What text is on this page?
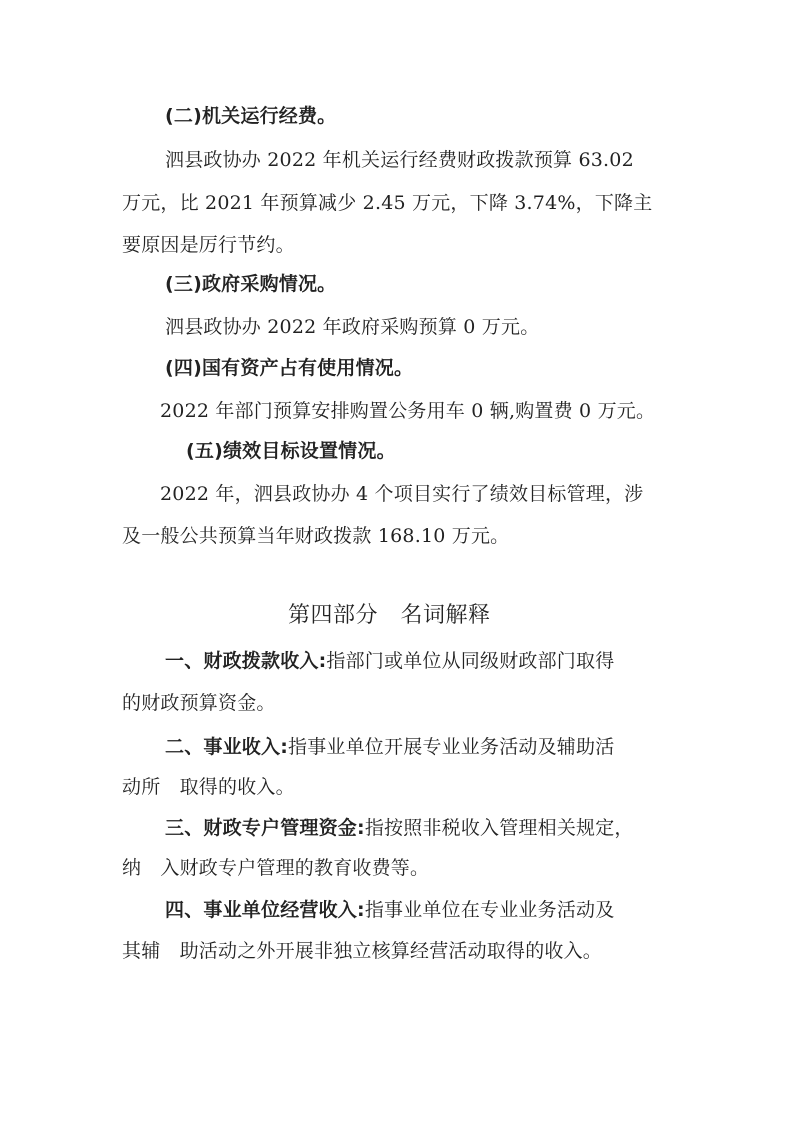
(二)机关运行经费。
泗县政协办 2022 年机关运行经费财政拨款预算 63.02
万元，比 2021 年预算减少 2.45 万元，下降 3.74%，下降主
要原因是厉行节约。
(三)政府采购情况。
泗县政协办 2022 年政府采购预算 0 万元。
(四)国有资产占有使用情况。
2022 年部门预算安排购置公务用车 0 辆,购置费 0 万元。
(五)绩效目标设置情况。
2022 年，泗县政协办 4 个项目实行了绩效目标管理，涉
及一般公共预算当年财政拨款 168.10 万元。
第四部分　名词解释
一、财政拨款收入:指部门或单位从同级财政部门取得
的财政预算资金。
二、事业收入:指事业单位开展专业业务活动及辅助活
动所　取得的收入。
三、财政专户管理资金:指按照非税收入管理相关规定，
纳　入财政专户管理的教育收费等。
四、事业单位经营收入:指事业单位在专业业务活动及
其辅　助活动之外开展非独立核算经营活动取得的收入。
